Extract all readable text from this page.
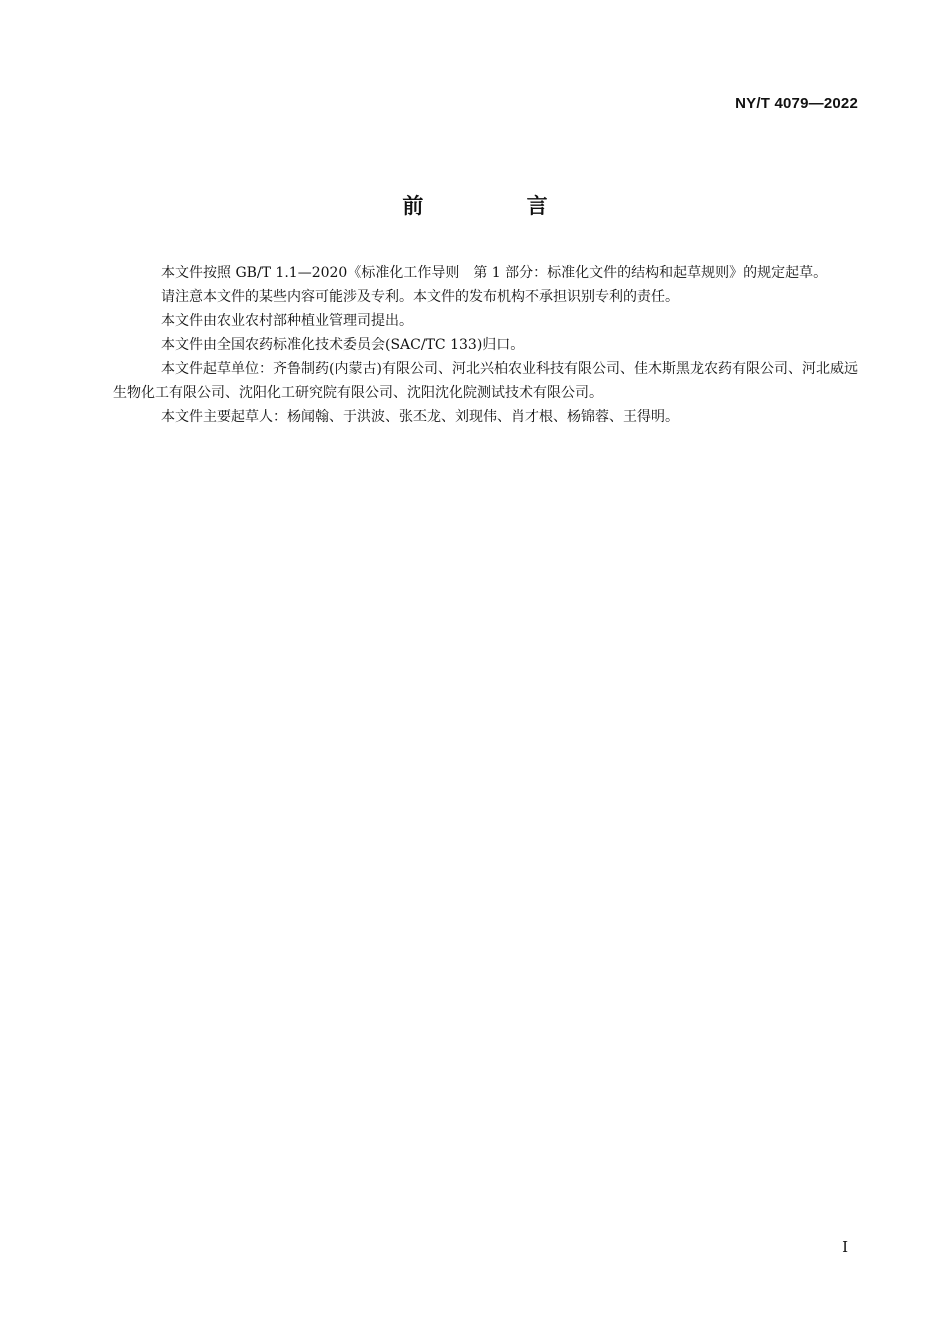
NY/T 4079—2022
前 言

本文件按照 GB/T 1.1—2020《标准化工作导则　第 1 部分：标准化文件的结构和起草规则》的规定起草。

请注意本文件的某些内容可能涉及专利。本文件的发布机构不承担识别专利的责任。

本文件由农业农村部种植业管理司提出。

本文件由全国农药标准化技术委员会(SAC/TC 133)归口。

本文件起草单位：齐鲁制药(内蒙古)有限公司、河北兴柏农业科技有限公司、佳木斯黑龙农药有限公司、河北威远生物化工有限公司、沈阳化工研究院有限公司、沈阳沈化院测试技术有限公司。

本文件主要起草人：杨闻翰、于洪波、张丕龙、刘现伟、肖才根、杨锦蓉、王得明。

I
